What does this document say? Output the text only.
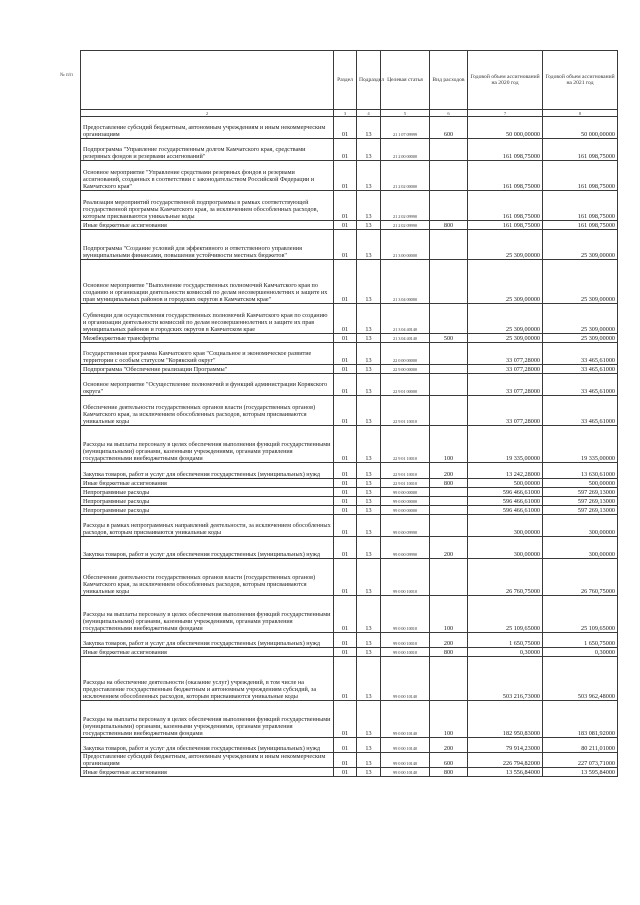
	Раздел	Подраздел	Целевая статья	Вид расходов	Годовой объем ассигнований на 2020 год	Годовой объем ассигнований на 2021 год
2	3	4	5	6	7	8
Предоставление субсидий бюджетным, автономным учреждениям и иным некоммерческим организациям	01	13	21 1 07 09999	600	50 000,00000	50 000,00000
Подпрограмма "Управление государственным долгом Камчатского края, средствами резервных фондов и резервами ассигнований"	01	13	21 2 00 00000		161 098,75000	161 098,75000
Основное мероприятие "Управление средствами резервных фондов и резервами ассигнований, созданных в соответствии с законодательством Российской Федерации и Камчатского края"	01	13	21 2 02 00000		161 098,75000	161 098,75000
Реализация мероприятий государственной подпрограммы в рамках соответствующей государственной программы Камчатского края, за исключением обособленных расходов, которым присваиваются уникальные коды	01	13	21 2 02 09990		161 098,75000	161 098,75000
Иные бюджетные ассигнования	01	13	21 2 02 09990	800	161 098,75000	161 098,75000
Подпрограмма "Создание условий для эффективного и ответственного управления муниципальными финансами, повышения устойчивости местных бюджетов"	01	13	21 3 00 00000		25 309,00000	25 309,00000
Основное мероприятие "Выполнение государственных полномочий Камчатского края по созданию и организации деятельности комиссий по делам несовершеннолетних и защите их прав муниципальных районов и городских округов в Камчатском крае"	01	13	21 3 04 00000		25 309,00000	25 309,00000
Субвенции для осуществления государственных полномочий Камчатского края по созданию и организации деятельности комиссий по делам несовершеннолетних и защите их прав муниципальных районов и городских округов в Камчатском крае	01	13	21 3 04 40140		25 309,00000	25 309,00000
Межбюджетные трансферты	01	13	21 3 04 40140	500	25 309,00000	25 309,00000
Государственная программа Камчатского края "Социальное и экономическое развитие территории с особым статусом "Корякский округ"	01	13	22 0 00 00000		33 077,28000	33 465,61000
Подпрограмма "Обеспечение реализации Программы"	01	13	22 9 00 00000		33 077,28000	33 465,61000
Основное мероприятие "Осуществление полномочий и функций администрации Корякского округа"	01	13	22 9 01 00000		33 077,28000	33 465,61000
Обеспечение деятельности государственных органов власти (государственных органов) Камчатского края, за исключением обособленных расходов, которым присваиваются уникальные коды	01	13	22 9 01 10010		33 077,28000	33 465,61000
Расходы на выплаты персоналу в целях обеспечения выполнения функций государственными (муниципальными) органами, казенными учреждениями, органами управления государственными внебюджетными фондами	01	13	22 9 01 10010	100	19 335,00000	19 335,00000
Закупка товаров, работ и услуг для обеспечения государственных (муниципальных) нужд	01	13	22 9 01 10010	200	13 242,28000	13 630,61000
Иные бюджетные ассигнования	01	13	22 9 01 10010	800	500,00000	500,00000
Непрограммные расходы	01	13	99 0 00 00000		596 466,61000	597 269,13000
Непрограммные расходы	01	13	99 0 00 00000		596 466,61000	597 269,13000
Непрограммные расходы	01	13	99 0 00 00000		596 466,61000	597 269,13000
Расходы в рамках непрограммных направлений деятельности, за исключением обособленных расходов, которым присваиваются уникальные коды	01	13	99 0 00 09990		300,00000	300,00000
Закупка товаров, работ и услуг для обеспечения государственных (муниципальных) нужд	01	13	99 0 00 09990	200	300,00000	300,00000
Обеспечение деятельности государственных органов власти (государственных органов) Камчатского края, за исключением обособленных расходов, которым присваиваются уникальные коды	01	13	99 0 00 10010		26 760,75000	26 760,75000
Расходы на выплаты персоналу в целях обеспечения выполнения функций государственными (муниципальными) органами, казенными учреждениями, органами управления государственными внебюджетными фондами	01	13	99 0 00 10010	100	25 109,65000	25 109,65000
Закупка товаров, работ и услуг для обеспечения государственных (муниципальных) нужд	01	13	99 0 00 10010	200	1 650,75000	1 650,75000
Иные бюджетные ассигнования	01	13	99 0 00 10010	800	0,30000	0,30000
Расходы на обеспечение деятельности (оказание услуг) учреждений, в том числе на предоставление государственным бюджетным и автономным учреждениям субсидий, за исключением обособленных расходов, которым присваиваются уникальные коды	01	13	99 0 00 10140		503 216,73000	503 962,48000
Расходы на выплаты персоналу в целях обеспечения выполнения функций государственными (муниципальными) органами, казенными учреждениями, органами управления государственными внебюджетными фондами	01	13	99 0 00 10140	100	182 950,83000	183 081,92000
Закупка товаров, работ и услуг для обеспечения государственных (муниципальных) нужд	01	13	99 0 00 10140	200	79 914,23000	80 211,01000
Предоставление субсидий бюджетным, автономным учреждениям и иным некоммерческим организациям	01	13	99 0 00 10140	600	226 794,82000	227 073,71000
Иные бюджетные ассигнования	01	13	99 0 00 10140	800	13 556,84000	13 595,84000
№ п/п
